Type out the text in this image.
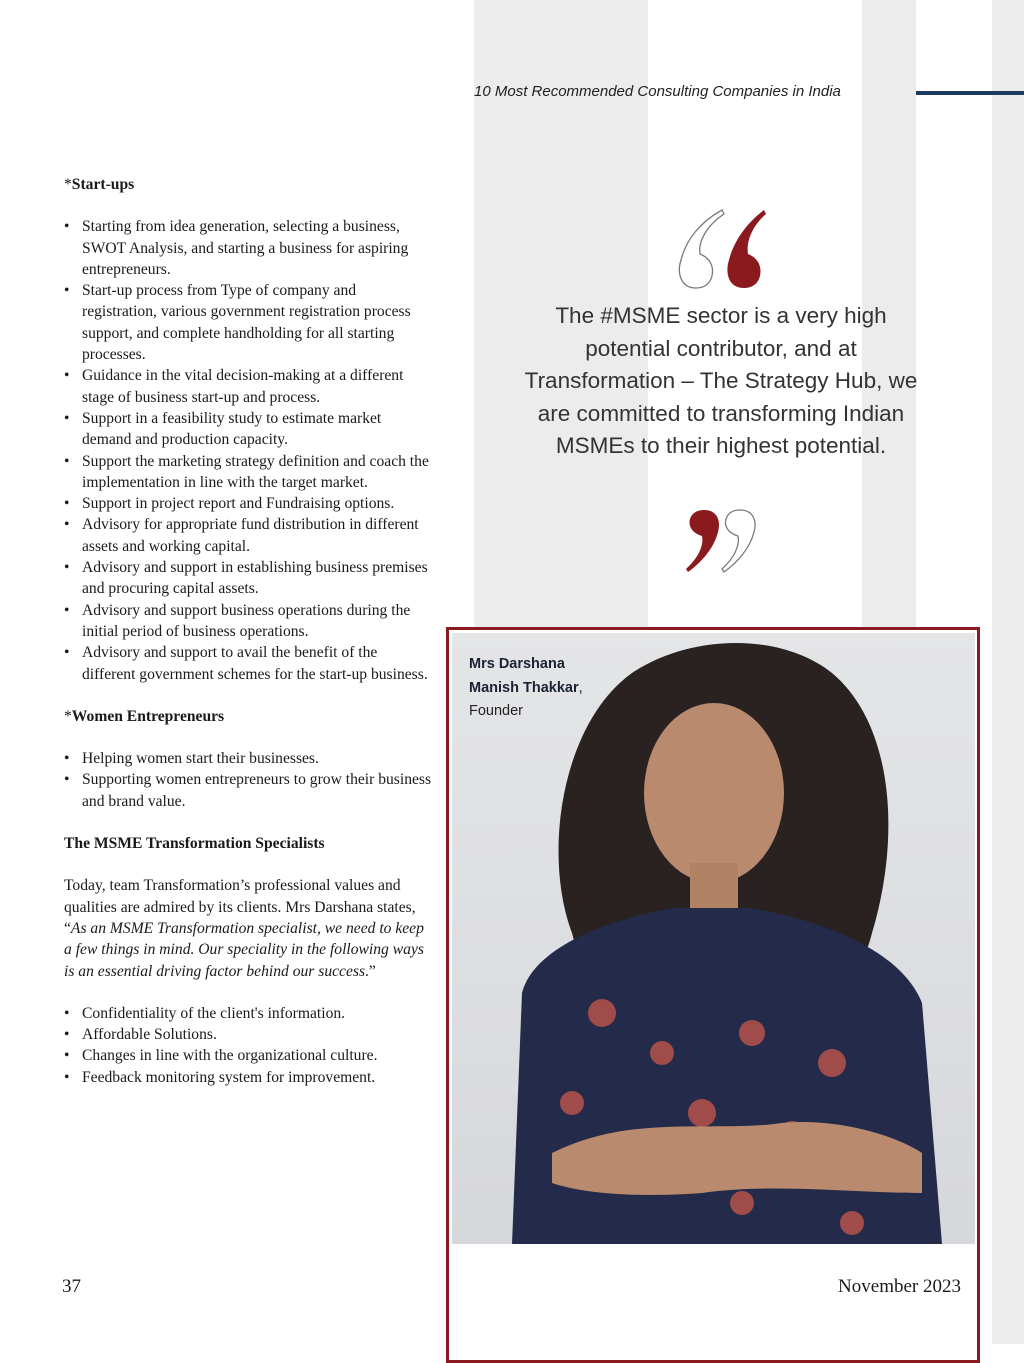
10 Most Recommended Consulting Companies in India

*Start-ups

• Starting from idea generation, selecting a business, SWOT Analysis, and starting a business for aspiring entrepreneurs.
• Start-up process from Type of company and registration, various government registration process support, and complete handholding for all starting processes.
• Guidance in the vital decision-making at a different stage of business start-up and process.
• Support in a feasibility study to estimate market demand and production capacity.
• Support the marketing strategy definition and coach the implementation in line with the target market.
• Support in project report and Fundraising options.
• Advisory for appropriate fund distribution in different assets and working capital.
• Advisory and support in establishing business premises and procuring capital assets.
• Advisory and support business operations during the initial period of business operations.
• Advisory and support to avail the benefit of the different government schemes for the start-up business.

*Women Entrepreneurs

• Helping women start their businesses.
• Supporting women entrepreneurs to grow their business and brand value.

The MSME Transformation Specialists

Today, team Transformation’s professional values and qualities are admired by its clients. Mrs Darshana states, “As an MSME Transformation specialist, we need to keep a few things in mind. Our speciality in the following ways is an essential driving factor behind our success.”

• Confidentiality of the client's information.
• Affordable Solutions.
• Changes in line with the organizational culture.
• Feedback monitoring system for improvement.
The #MSME sector is a very high potential contributor, and at Transformation – The Strategy Hub, we are committed to transforming Indian MSMEs to their highest potential.
Mrs Darshana
Manish Thakkar,
Founder
37	November 2023
